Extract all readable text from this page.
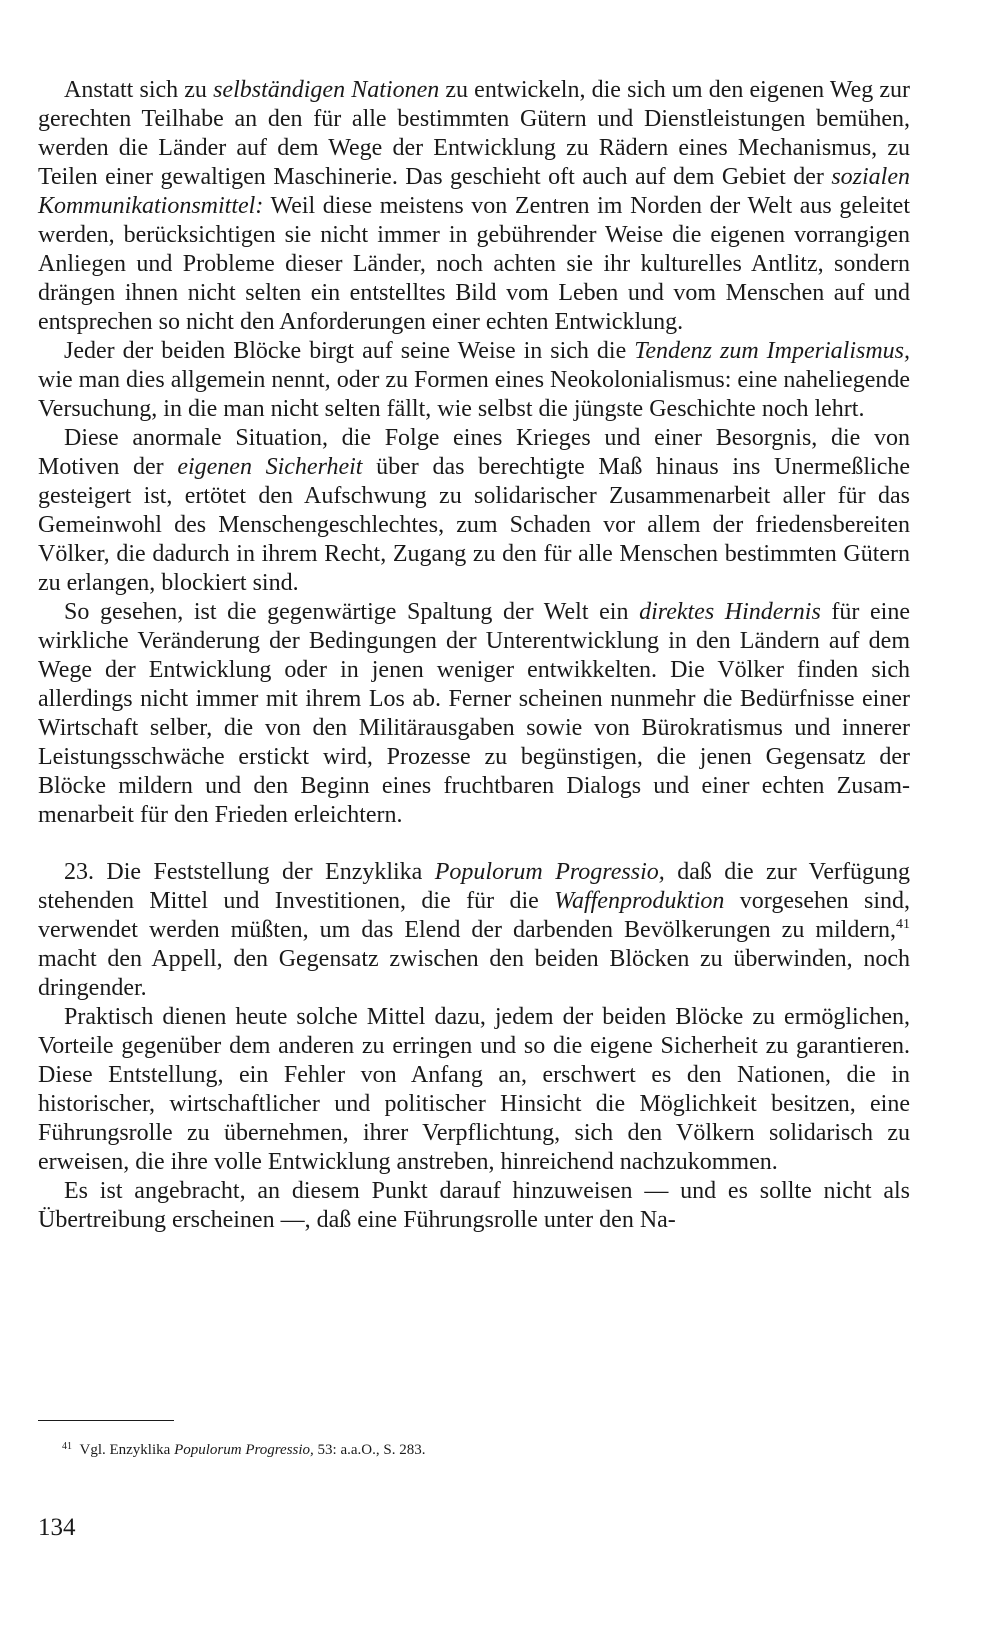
Anstatt sich zu selbständigen Nationen zu entwickeln, die sich um den eigenen Weg zur gerechten Teilhabe an den für alle bestimmten Gütern und Dienstleistungen bemühen, werden die Länder auf dem Wege der Entwicklung zu Rädern eines Mechanismus, zu Teilen einer gewaltigen Maschinerie. Das geschieht oft auch auf dem Gebiet der sozialen Kommunikationsmittel: Weil diese meistens von Zentren im Norden der Welt aus geleitet werden, berücksichtigen sie nicht immer in gebührender Weise die eigenen vorrangigen Anliegen und Probleme dieser Länder, noch achten sie ihr kulturelles Antlitz, sondern drängen ihnen nicht selten ein entstelltes Bild vom Leben und vom Menschen auf und entsprechen so nicht den Anforderungen einer echten Entwicklung.

Jeder der beiden Blöcke birgt auf seine Weise in sich die Tendenz zum Imperialismus, wie man dies allgemein nennt, oder zu Formen eines Neokolonialismus: eine naheliegende Versuchung, in die man nicht selten fällt, wie selbst die jüngste Geschichte noch lehrt.

Diese anormale Situation, die Folge eines Krieges und einer Besorgnis, die von Motiven der eigenen Sicherheit über das berechtigte Maß hinaus ins Unermeßliche gesteigert ist, ertötet den Aufschwung zu solidarischer Zusammenarbeit aller für das Gemeinwohl des Menschengeschlechtes, zum Schaden vor allem der friedensbereiten Völker, die dadurch in ihrem Recht, Zugang zu den für alle Menschen bestimmten Gütern zu erlangen, blockiert sind.

So gesehen, ist die gegenwärtige Spaltung der Welt ein direktes Hindernis für eine wirkliche Veränderung der Bedingungen der Unterentwicklung in den Ländern auf dem Wege der Entwicklung oder in jenen weniger entwikkelten. Die Völker finden sich allerdings nicht immer mit ihrem Los ab. Ferner scheinen nunmehr die Bedürfnisse einer Wirtschaft selber, die von den Militärausgaben sowie von Bürokratismus und innerer Leistungsschwäche erstickt wird, Prozesse zu begünstigen, die jenen Gegensatz der Blöcke mildern und den Beginn eines fruchtbaren Dialogs und einer echten Zusammenarbeit für den Frieden erleichtern.

23. Die Feststellung der Enzyklika Populorum Progressio, daß die zur Verfügung stehenden Mittel und Investitionen, die für die Waffenproduktion vorgesehen sind, verwendet werden müßten, um das Elend der darbenden Bevölkerungen zu mildern,$^{41}$ macht den Appell, den Gegensatz zwischen den beiden Blöcken zu überwinden, noch dringender.

Praktisch dienen heute solche Mittel dazu, jedem der beiden Blöcke zu ermöglichen, Vorteile gegenüber dem anderen zu erringen und so die eigene Sicherheit zu garantieren. Diese Entstellung, ein Fehler von Anfang an, erschwert es den Nationen, die in historischer, wirtschaftlicher und politischer Hinsicht die Möglichkeit besitzen, eine Führungsrolle zu übernehmen, ihrer Verpflichtung, sich den Völkern solidarisch zu erweisen, die ihre volle Entwicklung anstreben, hinreichend nachzukommen.

Es ist angebracht, an diesem Punkt darauf hinzuweisen — und es sollte nicht als Übertreibung erscheinen —, daß eine Führungsrolle unter den Na-

$^{41}$ Vgl. Enzyklika Populorum Progressio, 53: a.a.O., S. 283.
134
